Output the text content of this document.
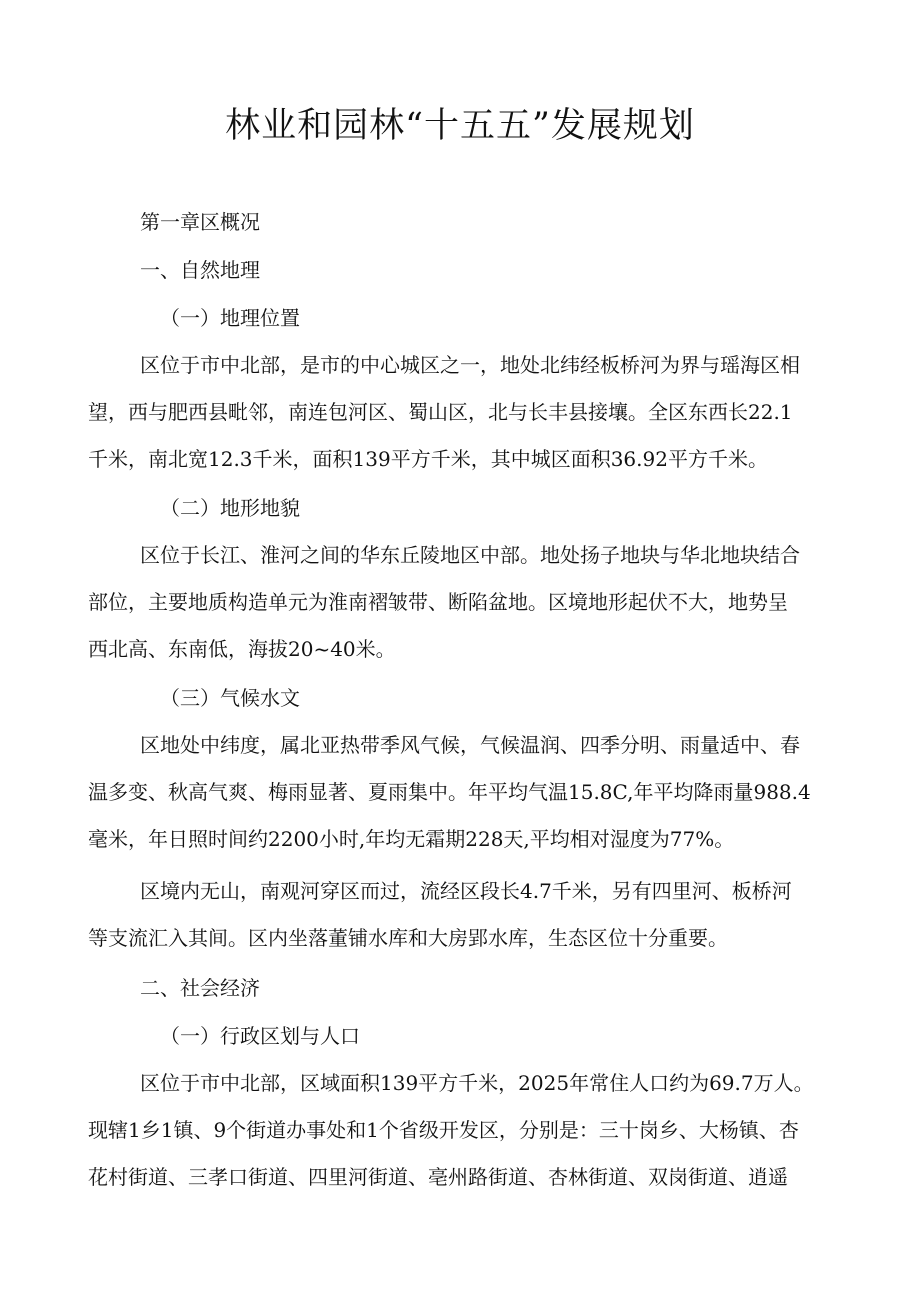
林业和园林“十五五”发展规划

第一章区概况

一、自然地理

（一）地理位置

区位于市中北部，是市的中心城区之一，地处北纬经板桥河为界与瑶海区相
望，西与肥西县毗邻，南连包河区、蜀山区，北与长丰县接壤。全区东西长22.1
千米，南北宽12.3千米，面积139平方千米，其中城区面积36.92平方千米。

（二）地形地貌

区位于长江、淮河之间的华东丘陵地区中部。地处扬子地块与华北地块结合
部位，主要地质构造单元为淮南褶皱带、断陷盆地。区境地形起伏不大，地势呈
西北高、东南低，海拔20~40米。

（三）气候水文

区地处中纬度，属北亚热带季风气候，气候温润、四季分明、雨量适中、春
温多变、秋高气爽、梅雨显著、夏雨集中。年平均气温15.8C,年平均降雨量988.4
毫米，年日照时间约2200小时,年均无霜期228天,平均相对湿度为77%。
区境内无山，南观河穿区而过，流经区段长4.7千米，另有四里河、板桥河
等支流汇入其间。区内坐落董铺水库和大房郢水库，生态区位十分重要。

二、社会经济

（一）行政区划与人口

区位于市中北部，区域面积139平方千米，2025年常住人口约为69.7万人。
现辖1乡1镇、9个街道办事处和1个省级开发区，分别是：三十岗乡、大杨镇、杏
花村街道、三孝口街道、四里河街道、亳州路街道、杏林街道、双岗街道、逍遥
